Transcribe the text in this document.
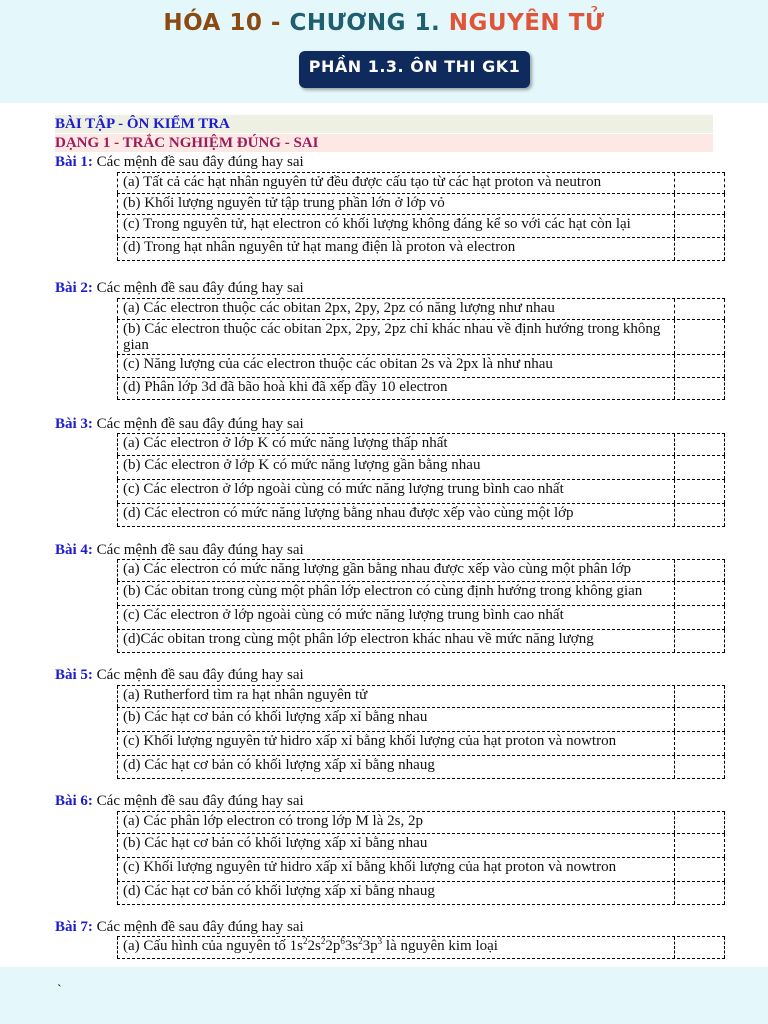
HÓA 10 - CHƯƠNG 1. NGUYÊN TỬ
PHẦN 1.3. ÔN THI GK1
BÀI TẬP - ÔN KIỂM TRA
DẠNG 1 - TRẮC NGHIỆM ĐÚNG - SAI
Bài 1: Các mệnh đề sau đây đúng hay sai
(a) Tất cả các hạt nhân nguyên tử đều được cấu tạo từ các hạt proton và neutron
(b) Khối lượng nguyên tử tập trung phần lớn ở lớp vỏ
(c) Trong nguyên tử, hạt electron có khối lượng không đáng kể so với các hạt còn lại
(d) Trong hạt nhân nguyên tử hạt mang điện là proton và electron
Bài 2: Các mệnh đề sau đây đúng hay sai
(a) Các electron thuộc các obitan 2px, 2py, 2pz có năng lượng như nhau
(b) Các electron thuộc các obitan 2px, 2py, 2pz chỉ khác nhau về định hướng trong không gian
(c) Năng lượng của các electron thuộc các obitan 2s và 2px là như nhau
(d) Phân lớp 3d đã bão hoà khi đã xếp đầy 10 electron
Bài 3: Các mệnh đề sau đây đúng hay sai
(a) Các electron ở lớp K có mức năng lượng thấp nhất
(b) Các electron ở lớp K có mức năng lượng gần bằng nhau
(c) Các electron ở lớp ngoài cùng có mức năng lượng trung bình cao nhất
(d) Các electron có mức năng lượng bằng nhau được xếp vào cùng một lớp
Bài 4: Các mệnh đề sau đây đúng hay sai
(a) Các electron có mức năng lượng gần bằng nhau được xếp vào cùng một phân lớp
(b) Các obitan trong cùng một phân lớp electron có cùng định hướng trong không gian
(c) Các electron ở lớp ngoài cùng có mức năng lượng trung bình cao nhất
(d)Các obitan trong cùng một phân lớp electron khác nhau về mức năng lượng
Bài 5: Các mệnh đề sau đây đúng hay sai
(a) Rutherford tìm ra hạt nhân nguyên tử
(b) Các hạt cơ bản có khối lượng xấp xỉ bằng nhau
(c) Khối lượng nguyên tử hidro xấp xỉ bằng khối lượng của hạt proton và nowtron
(d) Các hạt cơ bản có khối lượng xấp xỉ bằng nhaug
Bài 6: Các mệnh đề sau đây đúng hay sai
(a) Các phân lớp electron có trong lớp M là 2s, 2p
(b) Các hạt cơ bản có khối lượng xấp xỉ bằng nhau
(c) Khối lượng nguyên tử hidro xấp xỉ bằng khối lượng của hạt proton và nowtron
(d) Các hạt cơ bản có khối lượng xấp xỉ bằng nhaug
Bài 7: Các mệnh đề sau đây đúng hay sai
(a) Cấu hình của nguyên tố $1s^22s^22p^63s^23p^3$ là nguyên kim loại
`
